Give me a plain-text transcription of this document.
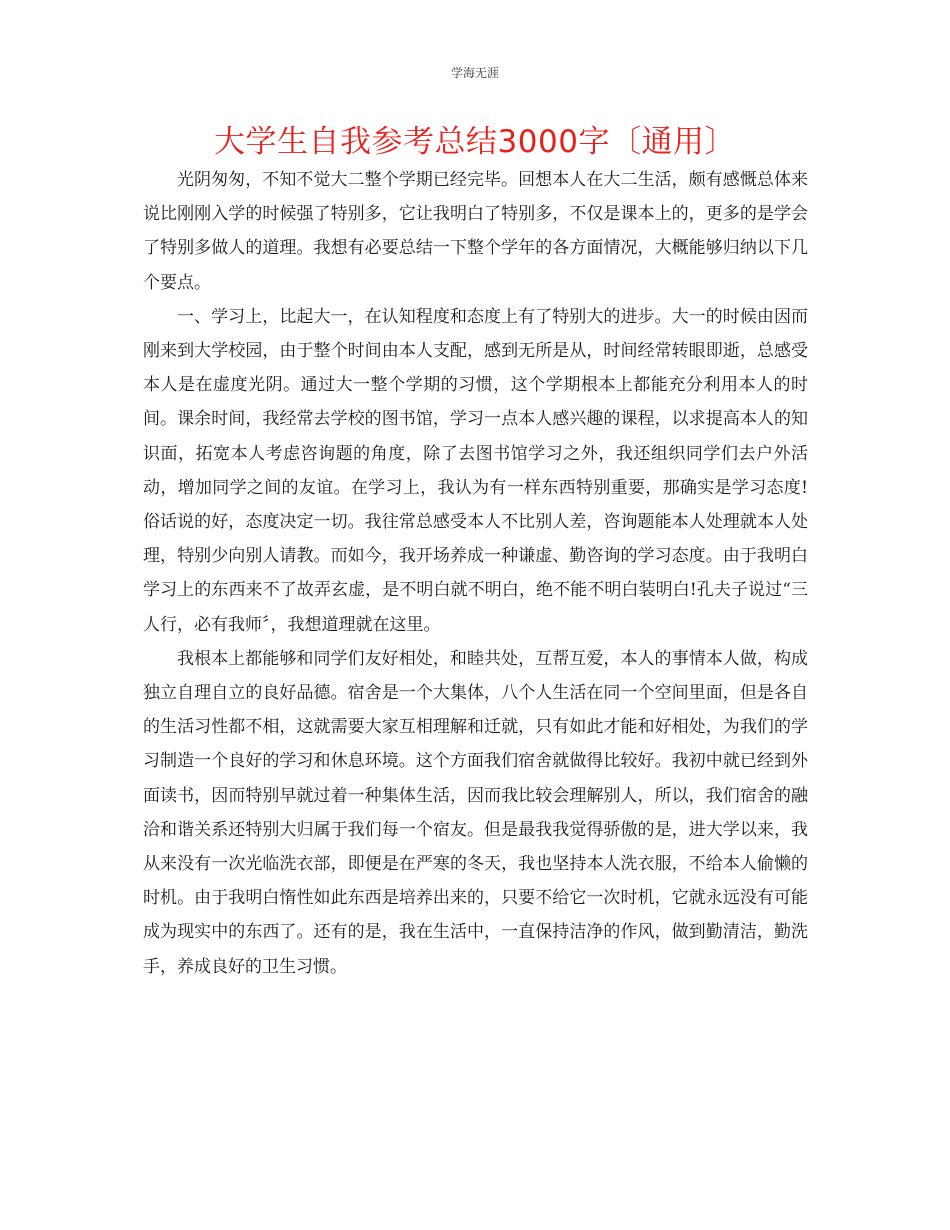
学海无涯
大学生自我参考总结3000字〔通用〕

光阴匆匆，不知不觉大二整个学期已经完毕。回想本人在大二生活，颇有感慨总体来说比刚刚入学的时候强了特别多，它让我明白了特别多，不仅是课本上的，更多的是学会了特别多做人的道理。我想有必要总结一下整个学年的各方面情况，大概能够归纳以下几个要点。

一、学习上，比起大一，在认知程度和态度上有了特别大的进步。大一的时候由因而刚来到大学校园，由于整个时间由本人支配，感到无所是从，时间经常转眼即逝，总感受本人是在虚度光阴。通过大一整个学期的习惯，这个学期根本上都能充分利用本人的时间。课余时间，我经常去学校的图书馆，学习一点本人感兴趣的课程，以求提高本人的知识面，拓宽本人考虑咨询题的角度，除了去图书馆学习之外，我还组织同学们去户外活动，增加同学之间的友谊。在学习上，我认为有一样东西特别重要，那确实是学习态度!俗话说的好，态度决定一切。我往常总感受本人不比别人差，咨询题能本人处理就本人处理，特别少向别人请教。而如今，我开场养成一种谦虚、勤咨询的学习态度。由于我明白学习上的东西来不了故弄玄虚，是不明白就不明白，绝不能不明白装明白!孔夫子说过“三人行，必有我师〞，我想道理就在这里。

我根本上都能够和同学们友好相处，和睦共处，互帮互爱，本人的事情本人做，构成独立自理自立的良好品德。宿舍是一个大集体，八个人生活在同一个空间里面，但是各自的生活习性都不相，这就需要大家互相理解和迁就，只有如此才能和好相处，为我们的学习制造一个良好的学习和休息环境。这个方面我们宿舍就做得比较好。我初中就已经到外面读书，因而特别早就过着一种集体生活，因而我比较会理解别人，所以，我们宿舍的融洽和谐关系还特别大归属于我们每一个宿友。但是最我我觉得骄傲的是，进大学以来，我从来没有一次光临洗衣部，即便是在严寒的冬天，我也坚持本人洗衣服，不给本人偷懒的时机。由于我明白惰性如此东西是培养出来的，只要不给它一次时机，它就永远没有可能成为现实中的东西了。还有的是，我在生活中，一直保持洁净的作风，做到勤清洁，勤洗手，养成良好的卫生习惯。
